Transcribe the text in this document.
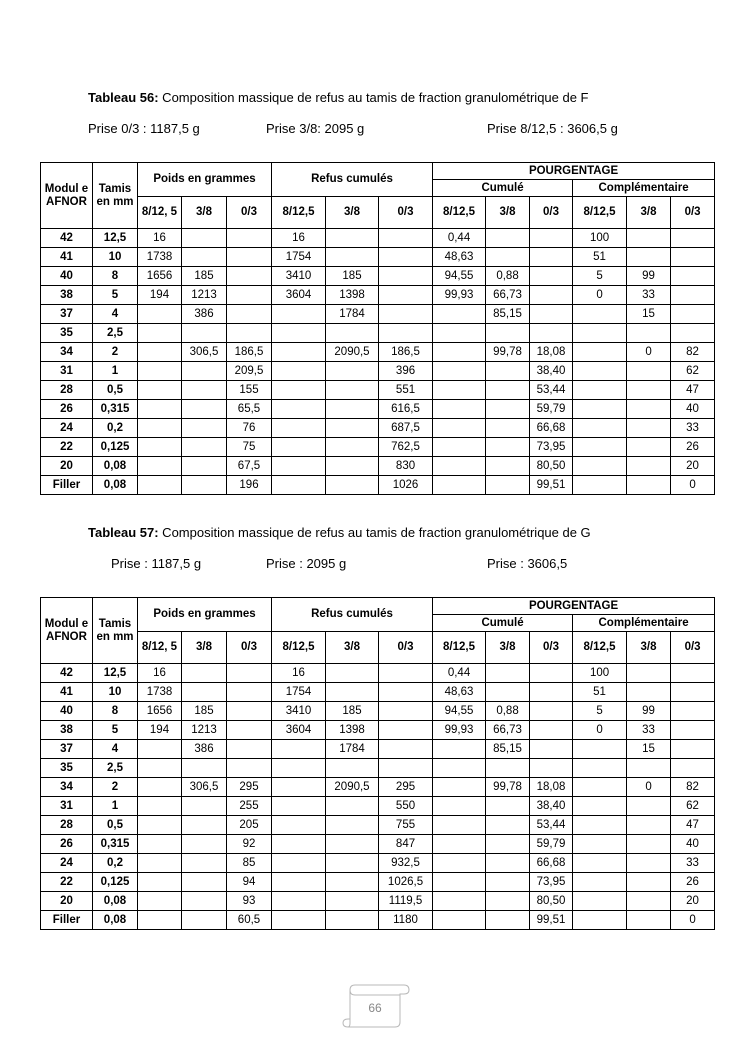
Tableau 56: Composition massique de refus au tamis de fraction granulométrique de F
Prise 0/3 : 1187,5 g	Prise 3/8: 2095 g	Prise 8/12,5 : 3606,5 g
Modul e AFNOR	Tamis en mm	Poids en grammes			Refus cumulés			POURGENTAGE					
								Cumulé			Complémentaire		
		8/12, 5	3/8	0/3	8/12,5	3/8	0/3	8/12,5	3/8	0/3	8/12,5	3/8	0/3
42	12,5	16			16			0,44			100		
41	10	1738			1754			48,63			51		
40	8	1656	185		3410	185		94,55	0,88		5	99	
38	5	194	1213		3604	1398		99,93	66,73		0	33	
37	4		386			1784			85,15			15	
35	2,5												
34	2		306,5	186,5		2090,5	186,5		99,78	18,08		0	82
31	1			209,5			396			38,40			62
28	0,5			155			551			53,44			47
26	0,315			65,5			616,5			59,79			40
24	0,2			76			687,5			66,68			33
22	0,125			75			762,5			73,95			26
20	0,08			67,5			830			80,50			20
Filler	0,08			196			1026			99,51			0
Tableau 57: Composition massique de refus au tamis de fraction granulométrique de G
Prise : 1187,5 g	Prise : 2095 g	Prise : 3606,5
Modul e AFNOR	Tamis en mm	Poids en grammes			Refus cumulés			POURGENTAGE					
								Cumulé			Complémentaire		
		8/12, 5	3/8	0/3	8/12,5	3/8	0/3	8/12,5	3/8	0/3	8/12,5	3/8	0/3
42	12,5	16			16			0,44			100		
41	10	1738			1754			48,63			51		
40	8	1656	185		3410	185		94,55	0,88		5	99	
38	5	194	1213		3604	1398		99,93	66,73		0	33	
37	4		386			1784			85,15			15	
35	2,5												
34	2		306,5	295		2090,5	295		99,78	18,08		0	82
31	1			255			550			38,40			62
28	0,5			205			755			53,44			47
26	0,315			92			847			59,79			40
24	0,2			85			932,5			66,68			33
22	0,125			94			1026,5			73,95			26
20	0,08			93			1119,5			80,50			20
Filler	0,08			60,5			1180			99,51			0
66
